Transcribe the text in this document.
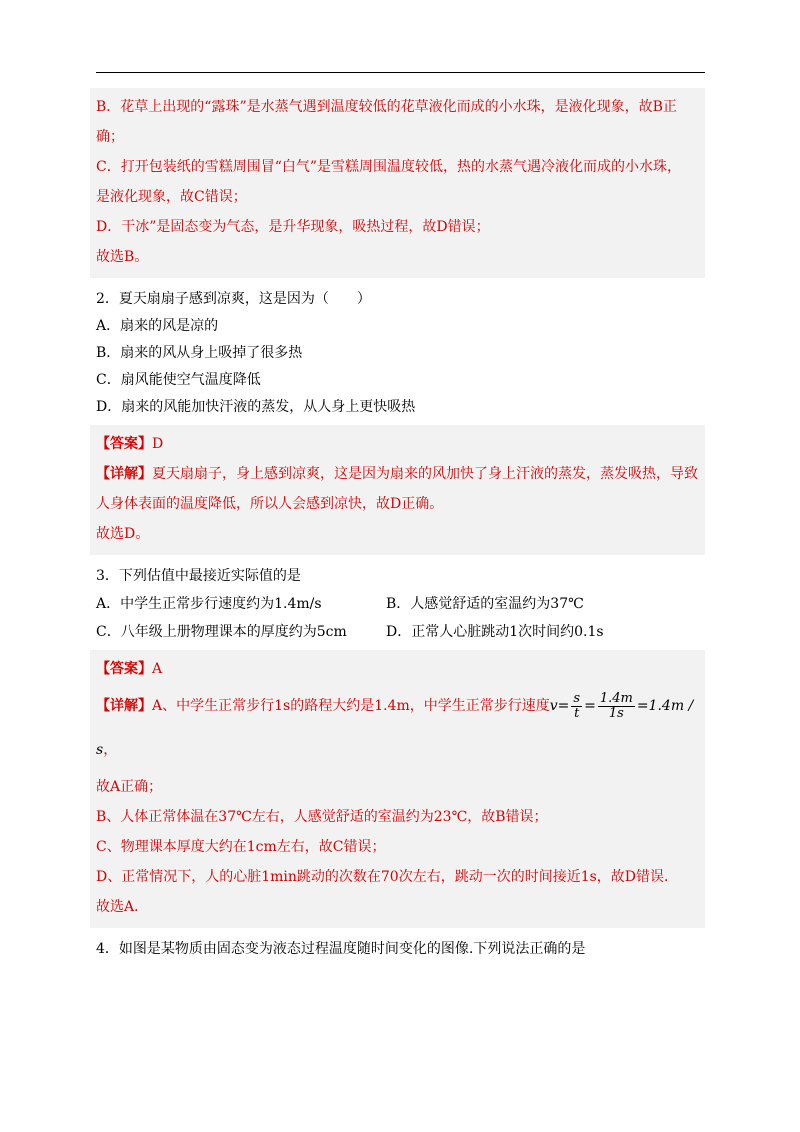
B．花草上出现的“露珠”是水蒸气遇到温度较低的花草液化而成的小水珠，是液化现象，故B正

确；

C．打开包装纸的雪糕周围冒“白气”是雪糕周围温度较低，热的水蒸气遇冷液化而成的小水珠，

是液化现象，故C错误；

D．干冰”是固态变为气态，是升华现象，吸热过程，故D错误；

故选B。

2．夏天扇扇子感到凉爽，这是因为（　　）

A．扇来的风是凉的

B．扇来的风从身上吸掉了很多热

C．扇风能使空气温度降低

D．扇来的风能加快汗液的蒸发，从人身上更快吸热

【答案】D

【详解】夏天扇扇子，身上感到凉爽，这是因为扇来的风加快了身上汗液的蒸发，蒸发吸热，导致

人身体表面的温度降低，所以人会感到凉快，故D正确。

故选D。

3．下列估值中最接近实际值的是

A．中学生正常步行速度约为1.4m/s	B．人感觉舒适的室温约为37℃
C．八年级上册物理课本的厚度约为5cm	D．正常人心脏跳动1次时间约0.1s

【答案】A

【详解】A、中学生正常步行1s的路程大约是1.4m，中学生正常步行速度$v= \frac{s}{t} = \frac{1.4m}{1s} =1.4m / s$，

故A正确；

B、人体正常体温在37℃左右，人感觉舒适的室温约为23℃，故B错误；

C、物理课本厚度大约在1cm左右，故C错误；

D、正常情况下，人的心脏1min跳动的次数在70次左右，跳动一次的时间接近1s，故D错误．

故选A．

4．如图是某物质由固态变为液态过程温度随时间变化的图像.下列说法正确的是
